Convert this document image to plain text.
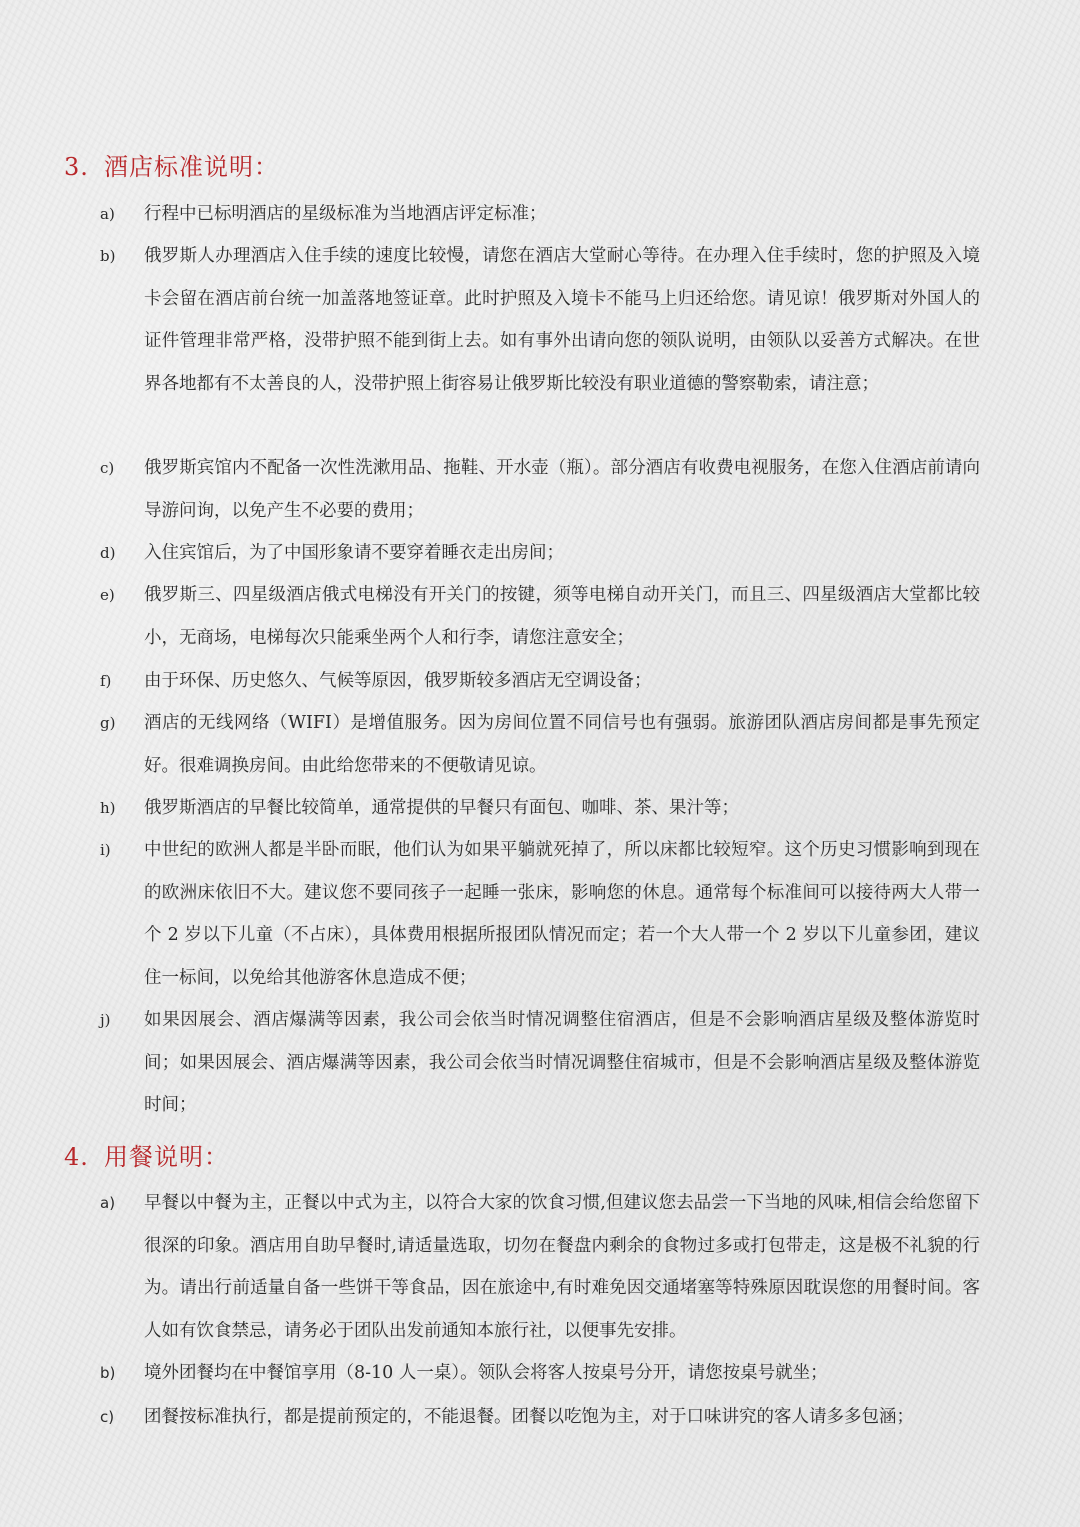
3. 酒店标准说明：
a)	行程中已标明酒店的星级标准为当地酒店评定标准；
b)	俄罗斯人办理酒店入住手续的速度比较慢，请您在酒店大堂耐心等待。在办理入住手续时，您的护照及入境卡会留在酒店前台统一加盖落地签证章。此时护照及入境卡不能马上归还给您。请见谅！俄罗斯对外国人的证件管理非常严格，没带护照不能到街上去。如有事外出请向您的领队说明，由领队以妥善方式解决。在世界各地都有不太善良的人，没带护照上街容易让俄罗斯比较没有职业道德的警察勒索，请注意；
c)	俄罗斯宾馆内不配备一次性洗漱用品、拖鞋、开水壶（瓶）。部分酒店有收费电视服务，在您入住酒店前请向导游问询，以免产生不必要的费用；
d)	入住宾馆后，为了中国形象请不要穿着睡衣走出房间；
e)	俄罗斯三、四星级酒店俄式电梯没有开关门的按键，须等电梯自动开关门，而且三、四星级酒店大堂都比较小，无商场，电梯每次只能乘坐两个人和行李，请您注意安全；
f)	由于环保、历史悠久、气候等原因，俄罗斯较多酒店无空调设备；
g)	酒店的无线网络（WIFI）是增值服务。因为房间位置不同信号也有强弱。旅游团队酒店房间都是事先预定好。很难调换房间。由此给您带来的不便敬请见谅。
h)	俄罗斯酒店的早餐比较简单，通常提供的早餐只有面包、咖啡、茶、果汁等；
i)	中世纪的欧洲人都是半卧而眠，他们认为如果平躺就死掉了，所以床都比较短窄。这个历史习惯影响到现在的欧洲床依旧不大。建议您不要同孩子一起睡一张床，影响您的休息。通常每个标准间可以接待两大人带一个 2 岁以下儿童（不占床），具体费用根据所报团队情况而定；若一个大人带一个 2 岁以下儿童参团，建议住一标间，以免给其他游客休息造成不便；
j)	如果因展会、酒店爆满等因素，我公司会依当时情况调整住宿酒店，但是不会影响酒店星级及整体游览时间；如果因展会、酒店爆满等因素，我公司会依当时情况调整住宿城市，但是不会影响酒店星级及整体游览时间；
4. 用餐说明：
a)	早餐以中餐为主，正餐以中式为主，以符合大家的饮食习惯,但建议您去品尝一下当地的风味,相信会给您留下很深的印象。酒店用自助早餐时,请适量选取，切勿在餐盘内剩余的食物过多或打包带走，这是极不礼貌的行为。请出行前适量自备一些饼干等食品，因在旅途中,有时难免因交通堵塞等特殊原因耽误您的用餐时间。客人如有饮食禁忌，请务必于团队出发前通知本旅行社，以便事先安排。
b)	境外团餐均在中餐馆享用（8-10 人一桌）。领队会将客人按桌号分开，请您按桌号就坐；
c)	团餐按标准执行，都是提前预定的，不能退餐。团餐以吃饱为主，对于口味讲究的客人请多多包涵；
